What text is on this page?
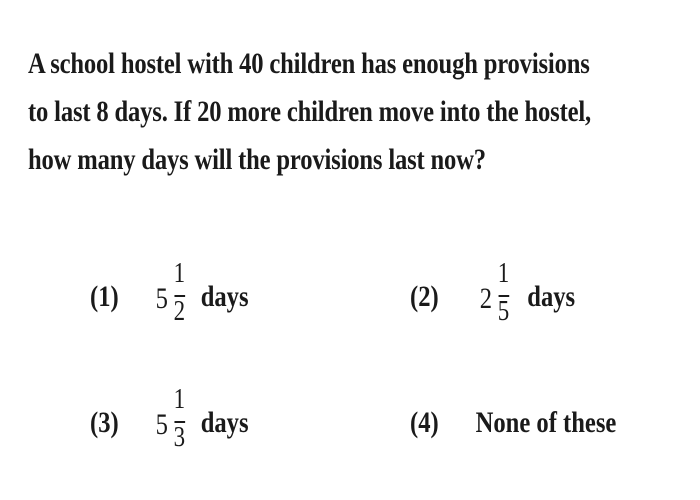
A school hostel with 40 children has enough provisions
to last 8 days. If 20 more children move into the hostel,
how many days will the provisions last now?
(1) 5
1
2 days	(2) 2
1
5 days
(3) 5
1
3 days	(4) None of these
